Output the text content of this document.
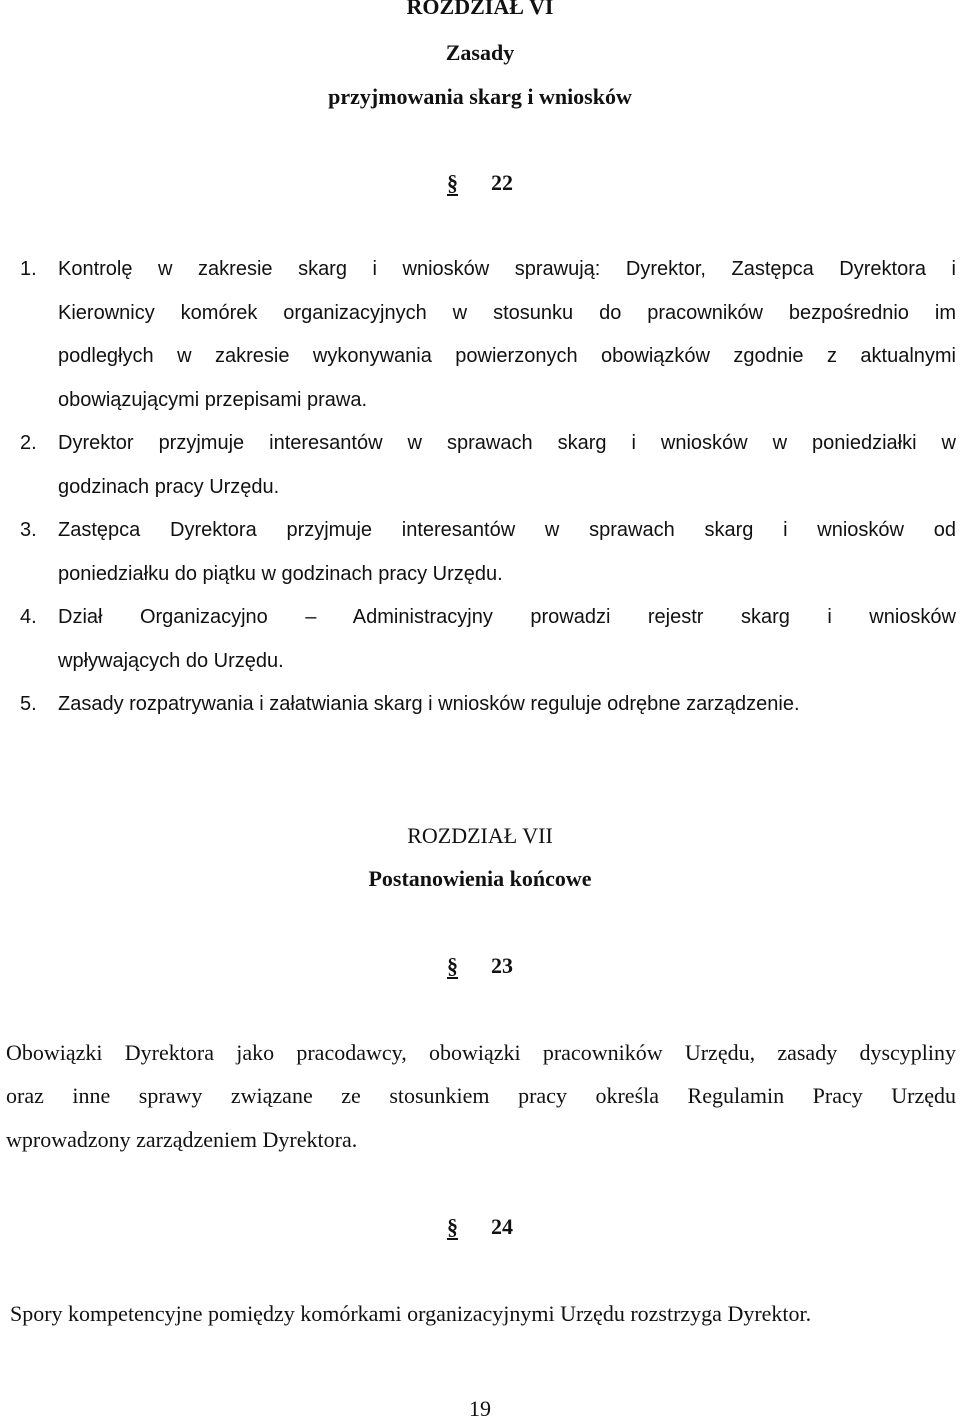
ROZDZIAŁ VI
Zasady
przyjmowania skarg i wniosków
§ 22
1. Kontrolę w zakresie skarg i wniosków sprawują: Dyrektor, Zastępca Dyrektora i
Kierownicy komórek organizacyjnych w stosunku do pracowników bezpośrednio im
podległych w zakresie wykonywania powierzonych obowiązków zgodnie z aktualnymi
obowiązującymi przepisami prawa.
2. Dyrektor przyjmuje interesantów w sprawach skarg i wniosków w poniedziałki w
godzinach pracy Urzędu.
3. Zastępca Dyrektora przyjmuje interesantów w sprawach skarg i wniosków od
poniedziałku do piątku w godzinach pracy Urzędu.
4. Dział Organizacyjno – Administracyjny prowadzi rejestr skarg i wniosków
wpływających do Urzędu.
5. Zasady rozpatrywania i załatwiania skarg i wniosków reguluje odrębne zarządzenie.
ROZDZIAŁ VII
Postanowienia końcowe
§ 23
Obowiązki Dyrektora jako pracodawcy, obowiązki pracowników Urzędu, zasady dyscypliny
oraz inne sprawy związane ze stosunkiem pracy określa Regulamin Pracy Urzędu
wprowadzony zarządzeniem Dyrektora.
§ 24
Spory kompetencyjne pomiędzy komórkami organizacyjnymi Urzędu rozstrzyga Dyrektor.
19
